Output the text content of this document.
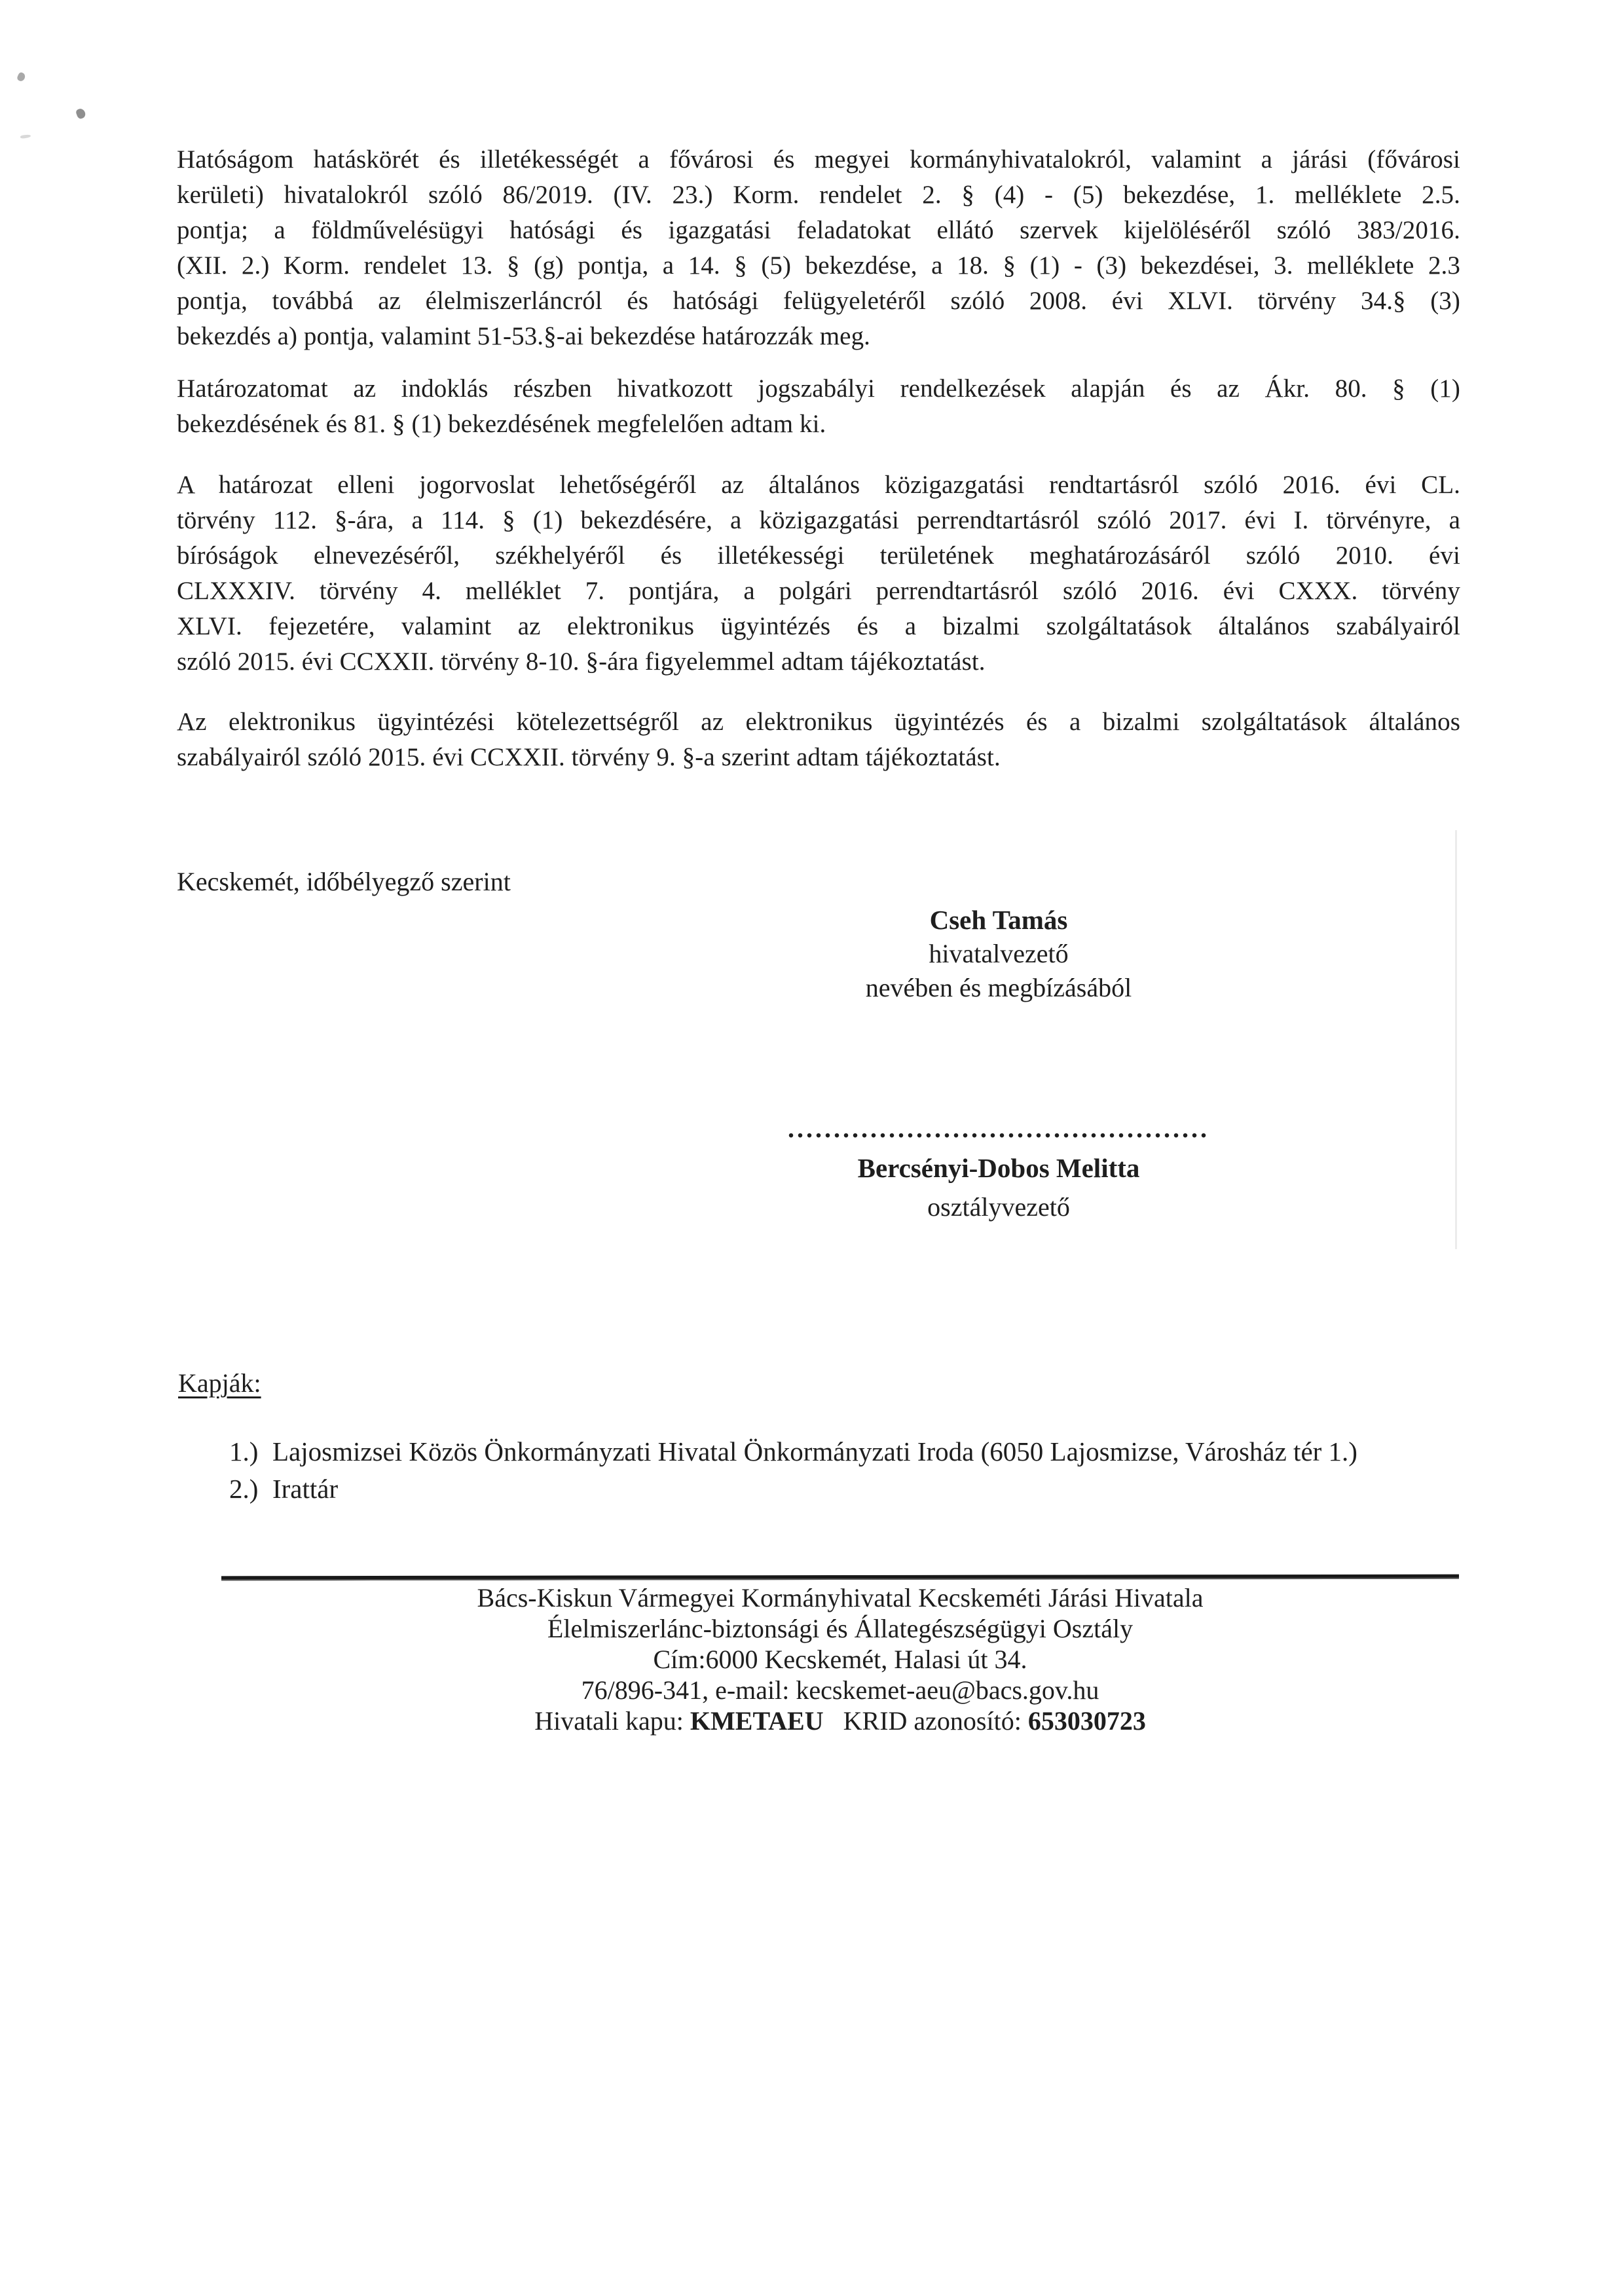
Hatóságom hatáskörét és illetékességét a fővárosi és megyei kormányhivatalokról, valamint a járási (fővárosi
kerületi) hivatalokról szóló 86/2019. (IV. 23.) Korm. rendelet 2. § (4) - (5) bekezdése, 1. melléklete 2.5.
pontja; a földművelésügyi hatósági és igazgatási feladatokat ellátó szervek kijelöléséről szóló 383/2016.
(XII. 2.) Korm. rendelet 13. § (g) pontja, a 14. § (5) bekezdése, a 18. § (1) - (3) bekezdései, 3. melléklete 2.3
pontja, továbbá az élelmiszerláncról és hatósági felügyeletéről szóló 2008. évi XLVI. törvény 34.§ (3)
bekezdés a) pontja, valamint 51-53.§-ai bekezdése határozzák meg.
Határozatomat az indoklás részben hivatkozott jogszabályi rendelkezések alapján és az Ákr. 80. § (1)
bekezdésének és 81. § (1) bekezdésének megfelelően adtam ki.
A határozat elleni jogorvoslat lehetőségéről az általános közigazgatási rendtartásról szóló 2016. évi CL.
törvény 112. §-ára, a 114. § (1) bekezdésére, a közigazgatási perrendtartásról szóló 2017. évi I. törvényre, a
bíróságok elnevezéséről, székhelyéről és illetékességi területének meghatározásáról szóló 2010. évi
CLXXXIV. törvény 4. melléklet 7. pontjára, a polgári perrendtartásról szóló 2016. évi CXXX. törvény
XLVI. fejezetére, valamint az elektronikus ügyintézés és a bizalmi szolgáltatások általános szabályairól
szóló 2015. évi CCXXII. törvény 8-10. §-ára figyelemmel adtam tájékoztatást.
Az elektronikus ügyintézési kötelezettségről az elektronikus ügyintézés és a bizalmi szolgáltatások általános
szabályairól szóló 2015. évi CCXXII. törvény 9. §-a szerint adtam tájékoztatást.
Kecskemét, időbélyegző szerint
Cseh Tamás
hivatalvezető
nevében és megbízásából
..............................................
Bercsényi-Dobos Melitta
osztályvezető
Kapják:
1.) Lajosmizsei Közös Önkormányzati Hivatal Önkormányzati Iroda (6050 Lajosmizse, Városház tér 1.)
2.) Irattár
Bács-Kiskun Vármegyei Kormányhivatal Kecskeméti Járási Hivatala
Élelmiszerlánc-biztonsági és Állategészségügyi Osztály
Cím:6000 Kecskemét, Halasi út 34.
76/896-341, e-mail: kecskemet-aeu@bacs.gov.hu
Hivatali kapu: KMETAEU KRID azonosító: 653030723
